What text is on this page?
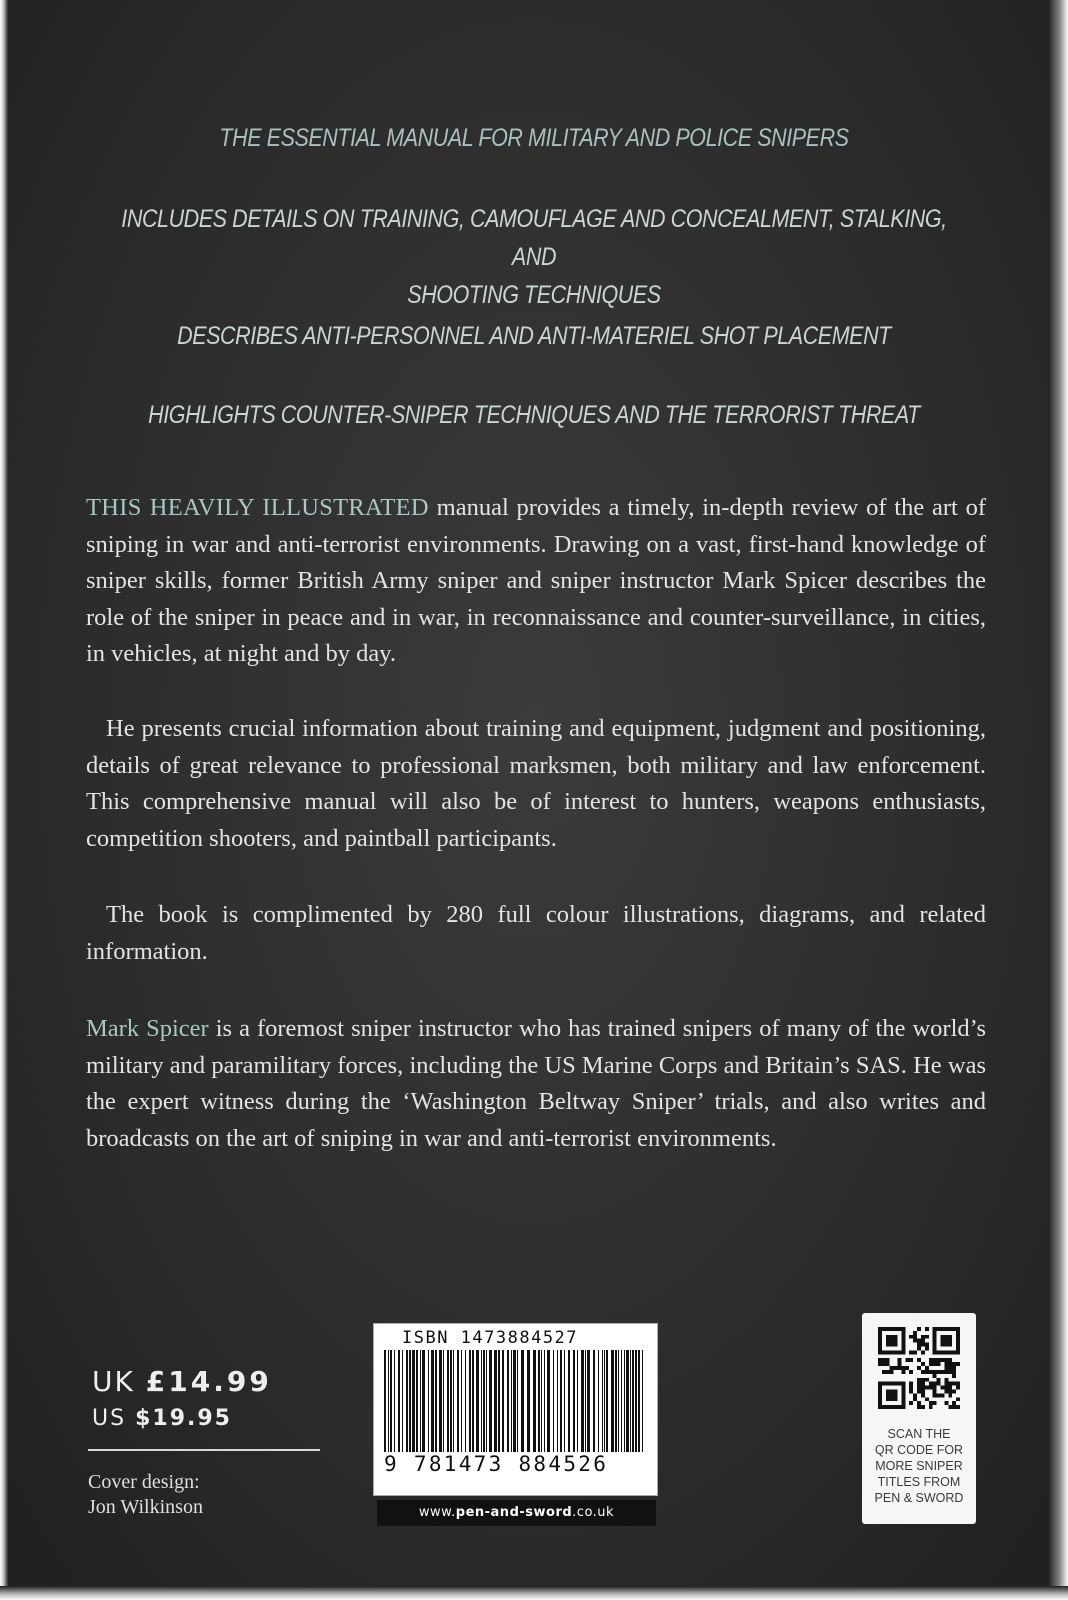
THE ESSENTIAL MANUAL FOR MILITARY AND POLICE SNIPERS
INCLUDES DETAILS ON TRAINING, CAMOUFLAGE AND CONCEALMENT, STALKING, AND
SHOOTING TECHNIQUES
DESCRIBES ANTI-PERSONNEL AND ANTI-MATERIEL SHOT PLACEMENT
HIGHLIGHTS COUNTER-SNIPER TECHNIQUES AND THE TERRORIST THREAT

THIS HEAVILY ILLUSTRATED manual provides a timely, in-depth review of the art of sniping in war and anti-terrorist environments. Drawing on a vast, first-hand knowledge of sniper skills, former British Army sniper and sniper instructor Mark Spicer describes the role of the sniper in peace and in war, in reconnaissance and counter-surveillance, in cities, in vehicles, at night and by day.

He presents crucial information about training and equipment, judgment and positioning, details of great relevance to professional marksmen, both military and law enforcement. This comprehensive manual will also be of interest to hunters, weapons enthusiasts, competition shooters, and paintball participants.

The book is complimented by 280 full colour illustrations, diagrams, and related information.

Mark Spicer is a foremost sniper instructor who has trained snipers of many of the world’s military and paramilitary forces, including the US Marine Corps and Britain’s SAS. He was the expert witness during the ‘Washington Beltway Sniper’ trials, and also writes and broadcasts on the art of sniping in war and anti-terrorist environments.

UK £14.99
US $19.95
Cover design:
Jon Wilkinson
ISBN 1473884527
9 781473 884526
www.pen-and-sword.co.uk
SCAN THE
QR CODE FOR
MORE SNIPER
TITLES FROM
PEN & SWORD
